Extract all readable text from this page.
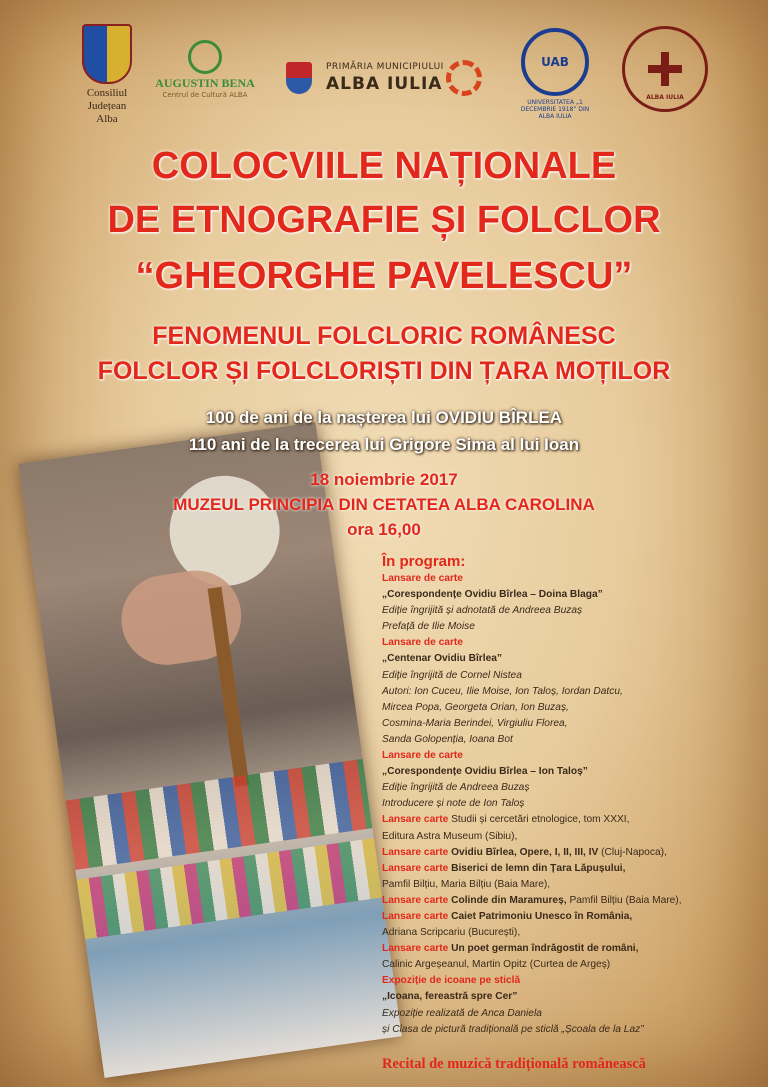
Consiliul
Județean
Alba
AUGUSTIN BENA
Centrul de Cultură ALBA
PRIMĂRIA MUNICIPIULUI
ALBA IULIA
UAB
UNIVERSITATEA „1 DECEMBRIE 1918” DIN ALBA IULIA
ALBA IULIA
COLOCVIILE NAȚIONALE
DE ETNOGRAFIE ȘI FOLCLOR
“GHEORGHE PAVELESCU”
FENOMENUL FOLCLORIC ROMÂNESC
FOLCLOR ȘI FOLCLORIȘTI DIN ȚARA MOȚILOR
100 de ani de la nașterea lui OVIDIU BÎRLEA
110 ani de la trecerea lui Grigore Sima al lui Ioan
18 noiembrie 2017
MUZEUL PRINCIPIA DIN CETATEA ALBA CAROLINA
ora 16,00
În program:
Lansare de carte
„Corespondențe Ovidiu Bîrlea – Doina Blaga”
Ediție îngrijită și adnotată de Andreea Buzaș
Prefață de Ilie Moise
Lansare de carte
„Centenar Ovidiu Bîrlea”
Ediție îngrijită de Cornel Nistea
Autori: Ion Cuceu, Ilie Moise, Ion Taloș, Iordan Datcu,
Mircea Popa, Georgeta Orian, Ion Buzaș,
Cosmina-Maria Berindei, Virgiuliu Florea,
Sanda Golopenția, Ioana Bot
Lansare de carte
„Corespondențe Ovidiu Bîrlea – Ion Taloș”
Ediție îngrijită de Andreea Buzaș
Introducere și note de Ion Taloș
Lansare carte Studii și cercetări etnologice, tom XXXI,
Editura Astra Museum (Sibiu),
Lansare carte Ovidiu Bîrlea, Opere, I, II, III, IV (Cluj-Napoca),
Lansare carte Biserici de lemn din Țara Lăpușului,
Pamfil Bilțiu, Maria Bilțiu (Baia Mare),
Lansare carte Colinde din Maramureș, Pamfil Bilțiu (Baia Mare),
Lansare carte Caiet Patrimoniu Unesco în România,
Adriana Scripcariu (București),
Lansare carte Un poet german îndrăgostit de români,
Calinic Argeșeanul, Martin Opitz (Curtea de Argeș)
Expoziție de icoane pe sticlă
„Icoana, fereastră spre Cer”
Expoziție realizată de Anca Daniela
și Clasa de pictură tradițională pe sticlă „Școala de la Laz”
Recital de muzică tradițională românească
